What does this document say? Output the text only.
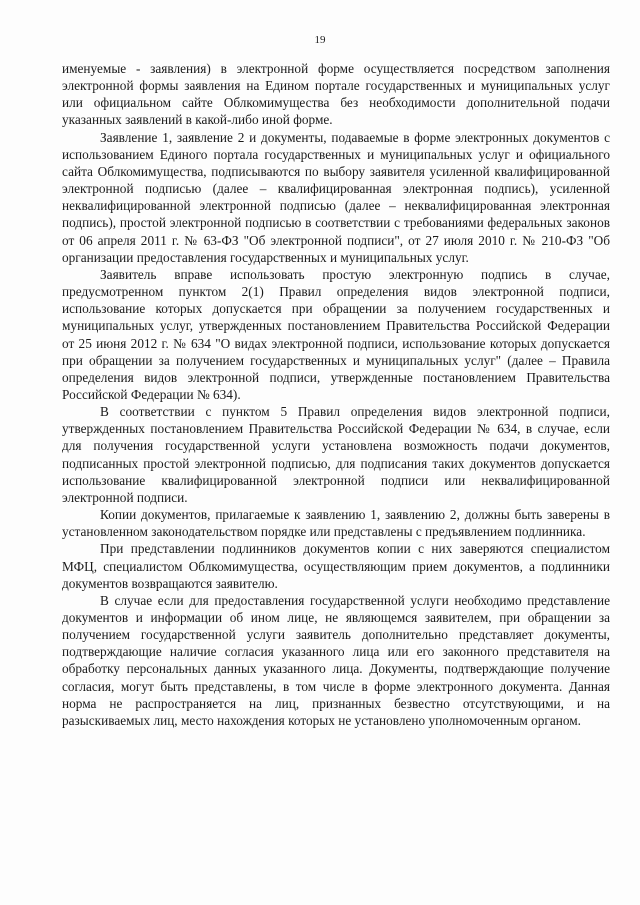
19

именуемые - заявления) в электронной форме осуществляется посредством заполнения электронной формы заявления на Едином портале государственных и муниципальных услуг или официальном сайте Облкомимущества без необходимости дополнительной подачи указанных заявлений в какой-либо иной форме.

Заявление 1, заявление 2 и документы, подаваемые в форме электронных документов с использованием Единого портала государственных и муниципальных услуг и официального сайта Облкомимущества, подписываются по выбору заявителя усиленной квалифицированной электронной подписью (далее – квалифицированная электронная подпись), усиленной неквалифицированной электронной подписью (далее – неквалифицированная электронная подпись), простой электронной подписью в соответствии с требованиями федеральных законов от 06 апреля 2011 г. № 63-ФЗ "Об электронной подписи", от 27 июля 2010 г. № 210-ФЗ "Об организации предоставления государственных и муниципальных услуг.

Заявитель вправе использовать простую электронную подпись в случае, предусмотренном пунктом 2(1) Правил определения видов электронной подписи, использование которых допускается при обращении за получением государственных и муниципальных услуг, утвержденных постановлением Правительства Российской Федерации от 25 июня 2012 г. № 634 "О видах электронной подписи, использование которых допускается при обращении за получением государственных и муниципальных услуг" (далее – Правила определения видов электронной подписи, утвержденные постановлением Правительства Российской Федерации № 634).

В соответствии с пунктом 5 Правил определения видов электронной подписи, утвержденных постановлением Правительства Российской Федерации № 634, в случае, если для получения государственной услуги установлена возможность подачи документов, подписанных простой электронной подписью, для подписания таких документов допускается использование квалифицированной электронной подписи или неквалифицированной электронной подписи.

Копии документов, прилагаемые к заявлению 1, заявлению 2, должны быть заверены в установленном законодательством порядке или представлены с предъявлением подлинника.

При представлении подлинников документов копии с них заверяются специалистом МФЦ, специалистом Облкомимущества, осуществляющим прием документов, а подлинники документов возвращаются заявителю.

В случае если для предоставления государственной услуги необходимо представление документов и информации об ином лице, не являющемся заявителем, при обращении за получением государственной услуги заявитель дополнительно представляет документы, подтверждающие наличие согласия указанного лица или его законного представителя на обработку персональных данных указанного лица. Документы, подтверждающие получение согласия, могут быть представлены, в том числе в форме электронного документа. Данная норма не распространяется на лиц, признанных безвестно отсутствующими, и на разыскиваемых лиц, место нахождения которых не установлено уполномоченным органом.
